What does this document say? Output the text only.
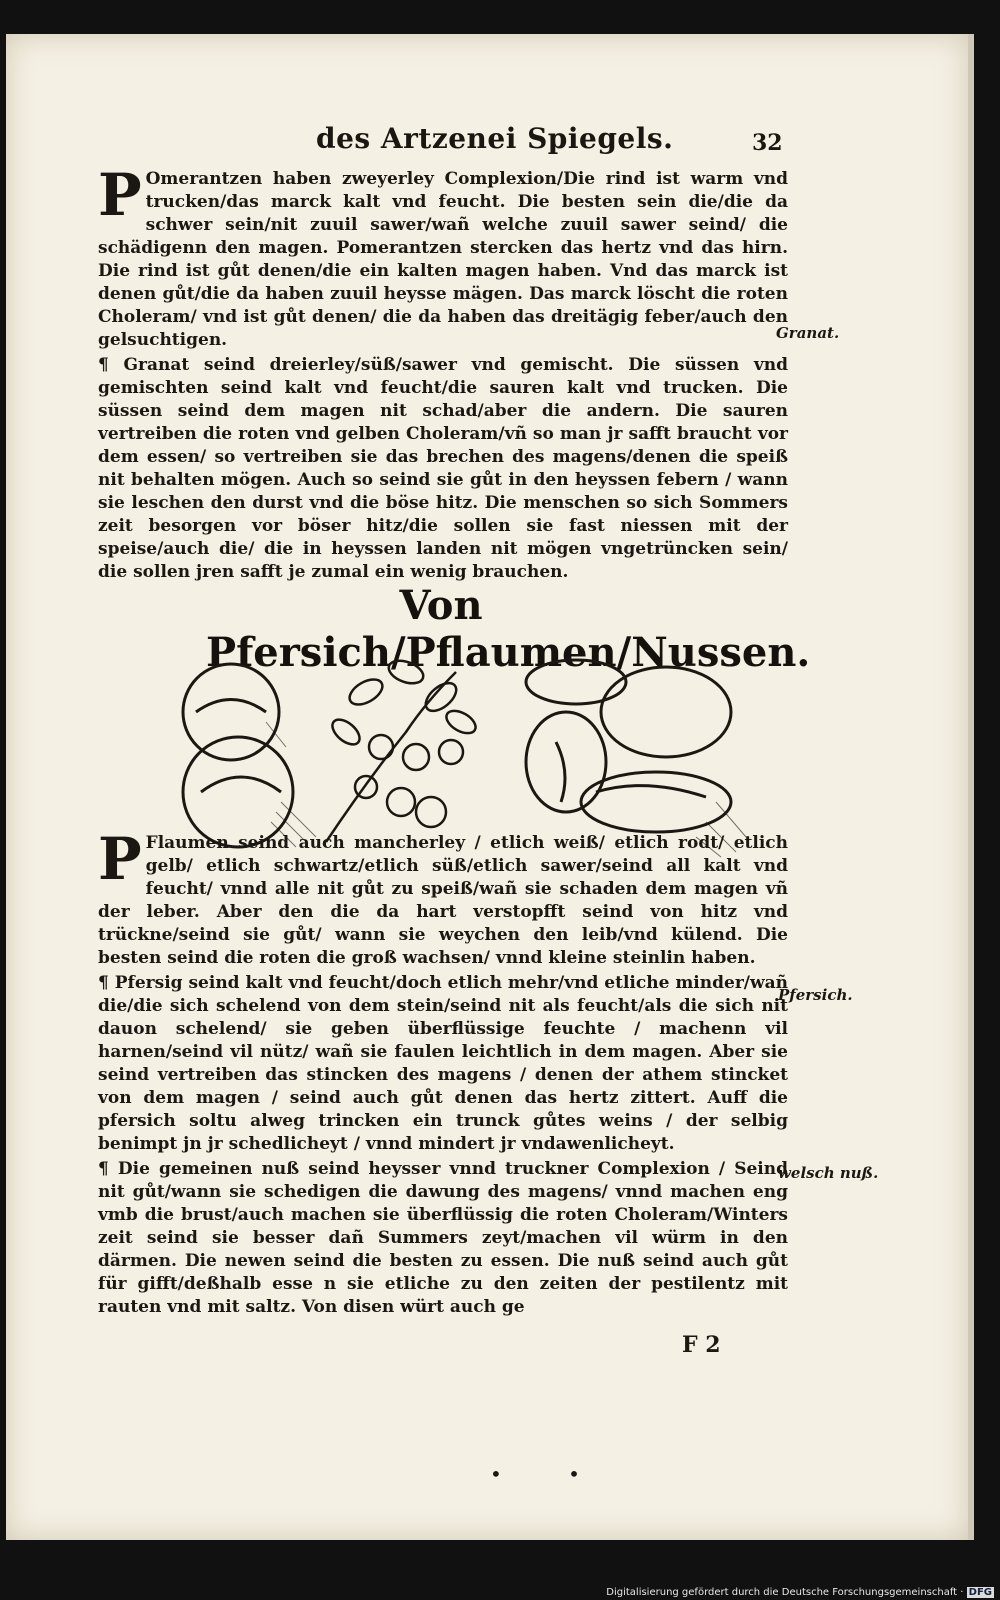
des Artzenei Spiegels.	32

P Omerantzen haben zweyerley Complexion/Die rind ist warm vnd trucken/das marck kalt vnd feucht. Die besten sein die/die da schwer sein/nit zuuil sawer/wañ welche zuuil sawer seind/ die schädigenn den magen. Pomerantzen stercken das hertz vnd das hirn. Die rind ist gůt denen/die ein kalten magen haben. Vnd das marck ist denen gůt/die da haben zuuil heysse mägen. Das marck löscht die roten Choleram/ vnd ist gůt denen/ die da haben das dreitägig feber/auch den gelsuchtigen.

¶ Granat seind dreierley/süß/sawer vnd gemischt. Die süssen vnd gemischten seind kalt vnd feucht/die sauren kalt vnd trucken. Die süssen seind dem magen nit schad/aber die andern. Die sauren vertreiben die roten vnd gelben Choleram/vñ so man jr safft braucht vor dem essen/ so vertreiben sie das brechen des magens/denen die speiß nit behalten mögen. Auch so seind sie gůt in den heyssen febern / wann sie leschen den durst vnd die böse hitz. Die menschen so sich Sommers zeit besorgen vor böser hitz/die sollen sie fast niessen mit der speise/auch die/ die in heyssen landen nit mögen vngetrüncken sein/ die sollen jren safft je zumal ein wenig brauchen.

Granat.
Von Pfersich/Pflaumen/Nussen.

P Flaumen seind auch mancherley / etlich weiß/ etlich rodt/ etlich gelb/ etlich schwartz/etlich süß/etlich sawer/seind all kalt vnd feucht/ vnnd alle nit gůt zu speiß/wañ sie schaden dem magen vñ der leber. Aber den die da hart verstopfft seind von hitz vnd trückne/seind sie gůt/ wann sie weychen den leib/vnd külend. Die besten seind die roten die groß wachsen/ vnnd kleine steinlin haben.

¶ Pfersig seind kalt vnd feucht/doch etlich mehr/vnd etliche minder/wañ die/die sich schelend von dem stein/seind nit als feucht/als die sich nit dauon schelend/ sie geben überflüssige feuchte / machenn vil harnen/seind vil nütz/ wañ sie faulen leichtlich in dem magen. Aber sie seind vertreiben das stincken des magens / denen der athem stincket von dem magen / seind auch gůt denen das hertz zittert. Auff die pfersich soltu alweg trincken ein trunck gůtes weins / der selbig benimpt jn jr schedlicheyt / vnnd mindert jr vndawenlicheyt.

¶ Die gemeinen nuß seind heysser vnnd truckner Complexion / Seind nit gůt/wann sie schedigen die dawung des magens/ vnnd machen eng vmb die brust/auch machen sie überflüssig die roten Choleram/Winters zeit seind sie besser dañ Summers zeyt/machen vil würm in den därmen. Die newen seind die besten zu essen. Die nuß seind auch gůt für gifft/deßhalb esse n sie etliche zu den zeiten der pestilentz mit rauten vnd mit saltz. Von disen würt auch ge

Pfersich.
welsch nuß.
F 2
• •
Digitalisierung gefördert durch die Deutsche Forschungsgemeinschaft · DFG
